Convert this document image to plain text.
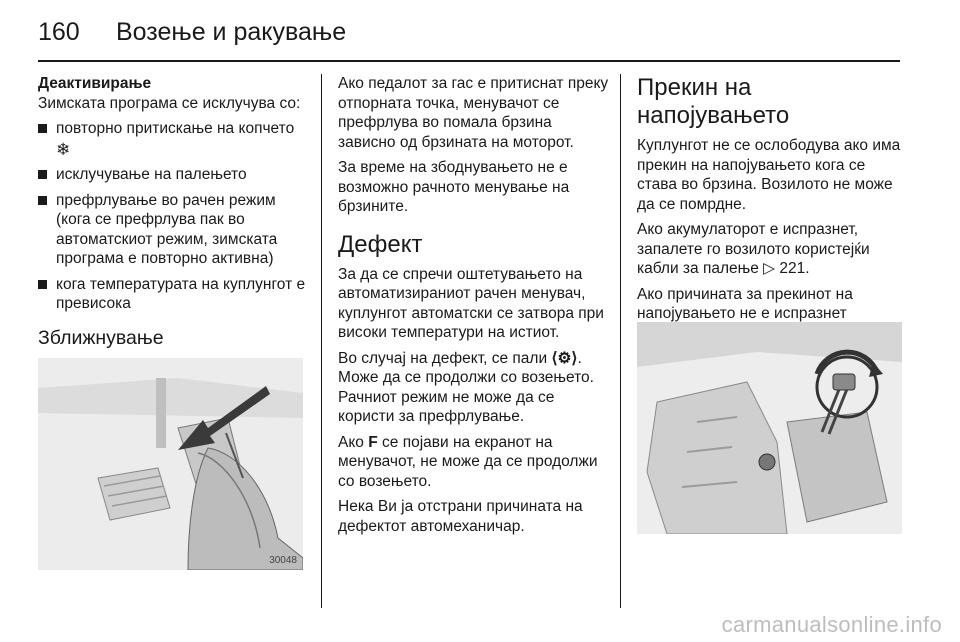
160 Возење и ракување
Деактивирање
Зимската програма се исклучува со:
повторно притискање на копчето
❄
исклучување на палењето
префрлување во рачен режим (кога се префрлува пак во автоматскиот режим, зимската програма е повторно активна)
кога температурата на куплунгот е превисока
Зближнување
30048
Ако педалот за гас е притиснат преку отпорната точка, менувачот се префрлува во помала брзина зависно од брзината на моторот.
За време на збоднувањето не е возможно рачното менување на брзините.
Дефект
За да се спречи оштетувањето на автоматизираниот рачен менувач, куплунгот автоматски се затвора при високи температури на истиот.
Во случај на дефект, се пали ⟨⚙⟩. Може да се продолжи со возењето. Рачниот режим не може да се користи за префрлување.
Ако F се појави на екранот на менувачот, не може да се продолжи со возењето.
Нека Ви ја отстрани причината на дефектот автомеханичар.
Прекин на напојувањето
Куплунгот не се ослободува ако има прекин на напојувањето кога се става во брзина. Возилото не може да се помрдне.
Ако акумулаторот е испразнет, запалете го возилото користејќи кабли за палење ▷ 221.
Ако причината за прекинот на напојувањето не е испразнет
carmanualsonline.info
